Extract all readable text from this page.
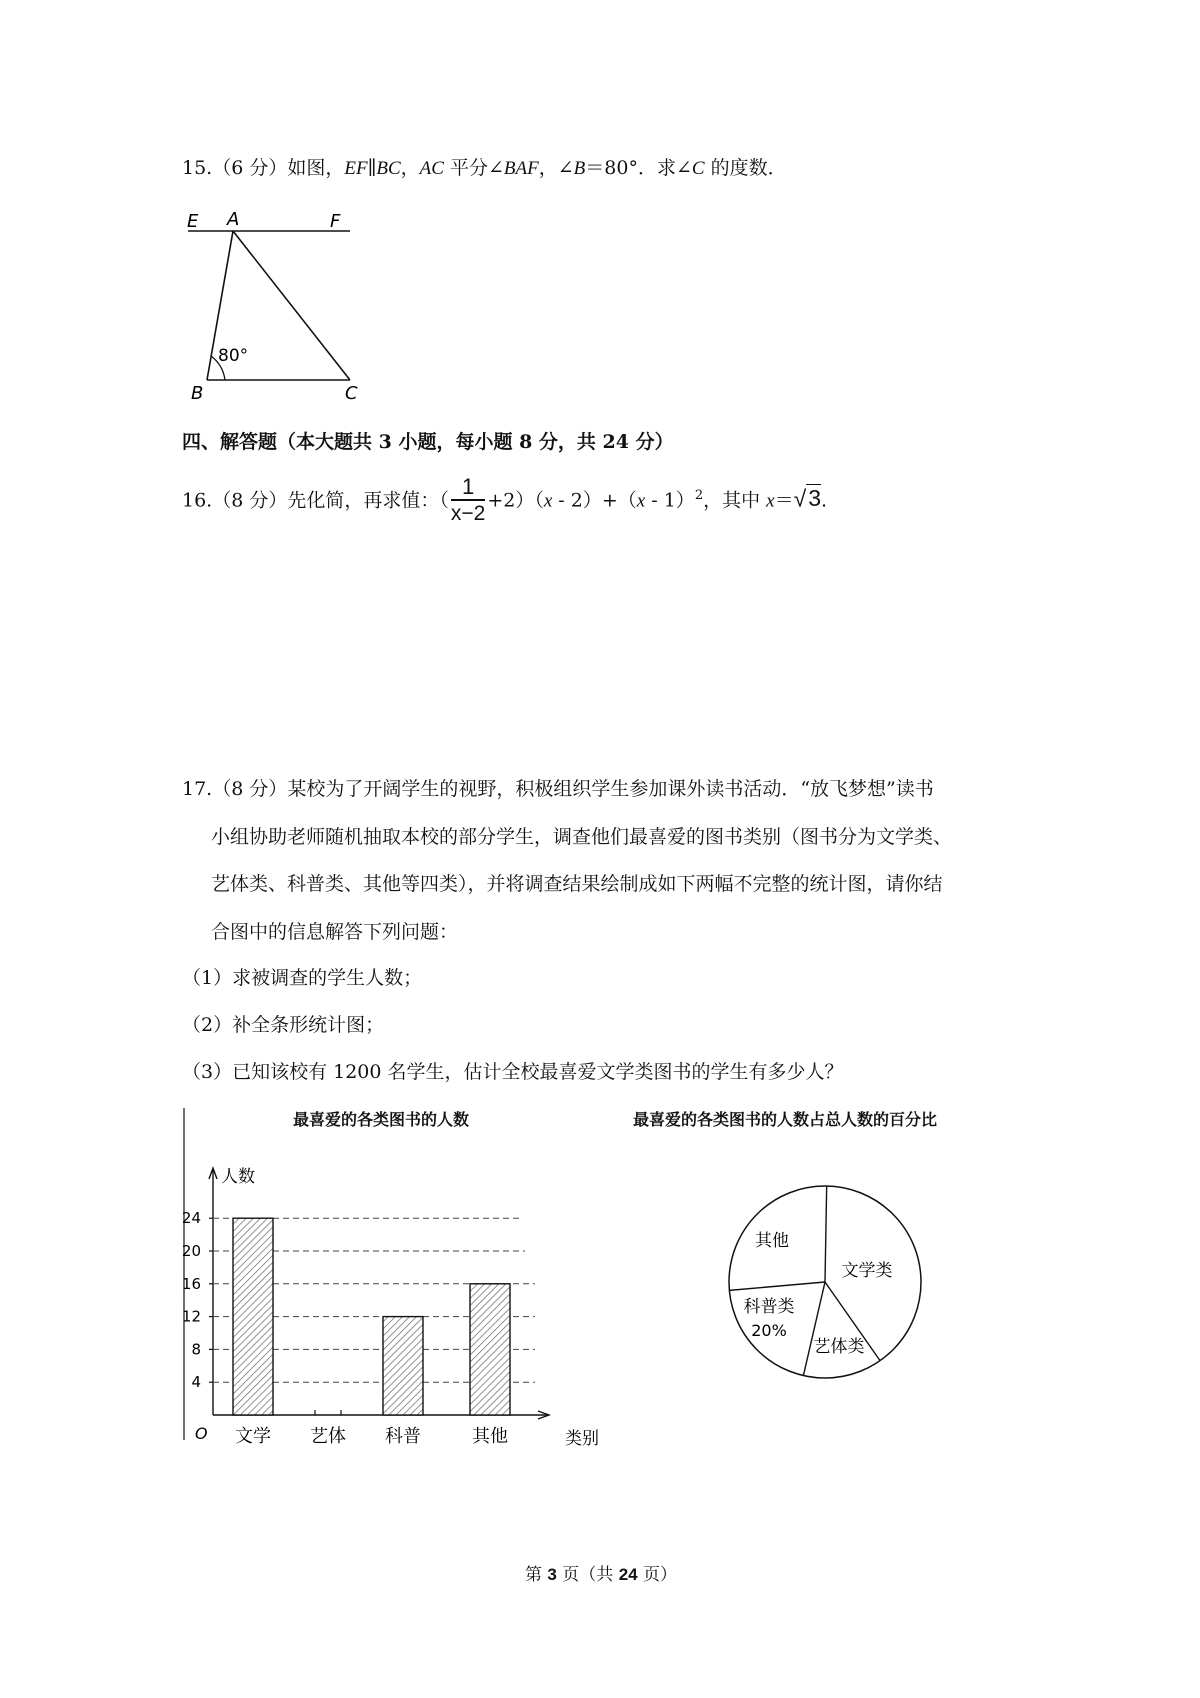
15.（6 分）如图，EF∥BC，AC 平分∠BAF，∠B＝80°．求∠C 的度数．
E A	F
B	C
80°
四、解答题（本大题共 3 小题，每小题 8 分，共 24 分）
16.（8 分）先化简，再求值：（ $\frac{1}{x-2} +2)(x - 2)+(x - 1)^2$，其中 x＝√3.
17.（8 分）某校为了开阔学生的视野，积极组织学生参加课外读书活动．“放飞梦想”读书
小组协助老师随机抽取本校的部分学生，调查他们最喜爱的图书类别（图书分为文学类、
艺体类、科普类、其他等四类），并将调查结果绘制成如下两幅不完整的统计图，请你结
合图中的信息解答下列问题：
（1）求被调查的学生人数；
（2）补全条形统计图；
（3）已知该校有 1200 名学生，估计全校最喜爱文学类图书的学生有多少人？
最喜爱的各类图书的人数	最喜爱的各类图书的人数占总人数的百分比
人数
类别
O
4
8
12
16
20
24
文学 艺体 科普	其他
文学类
艺体类
科普类
20%
其他
第 3 页（共 24 页）
